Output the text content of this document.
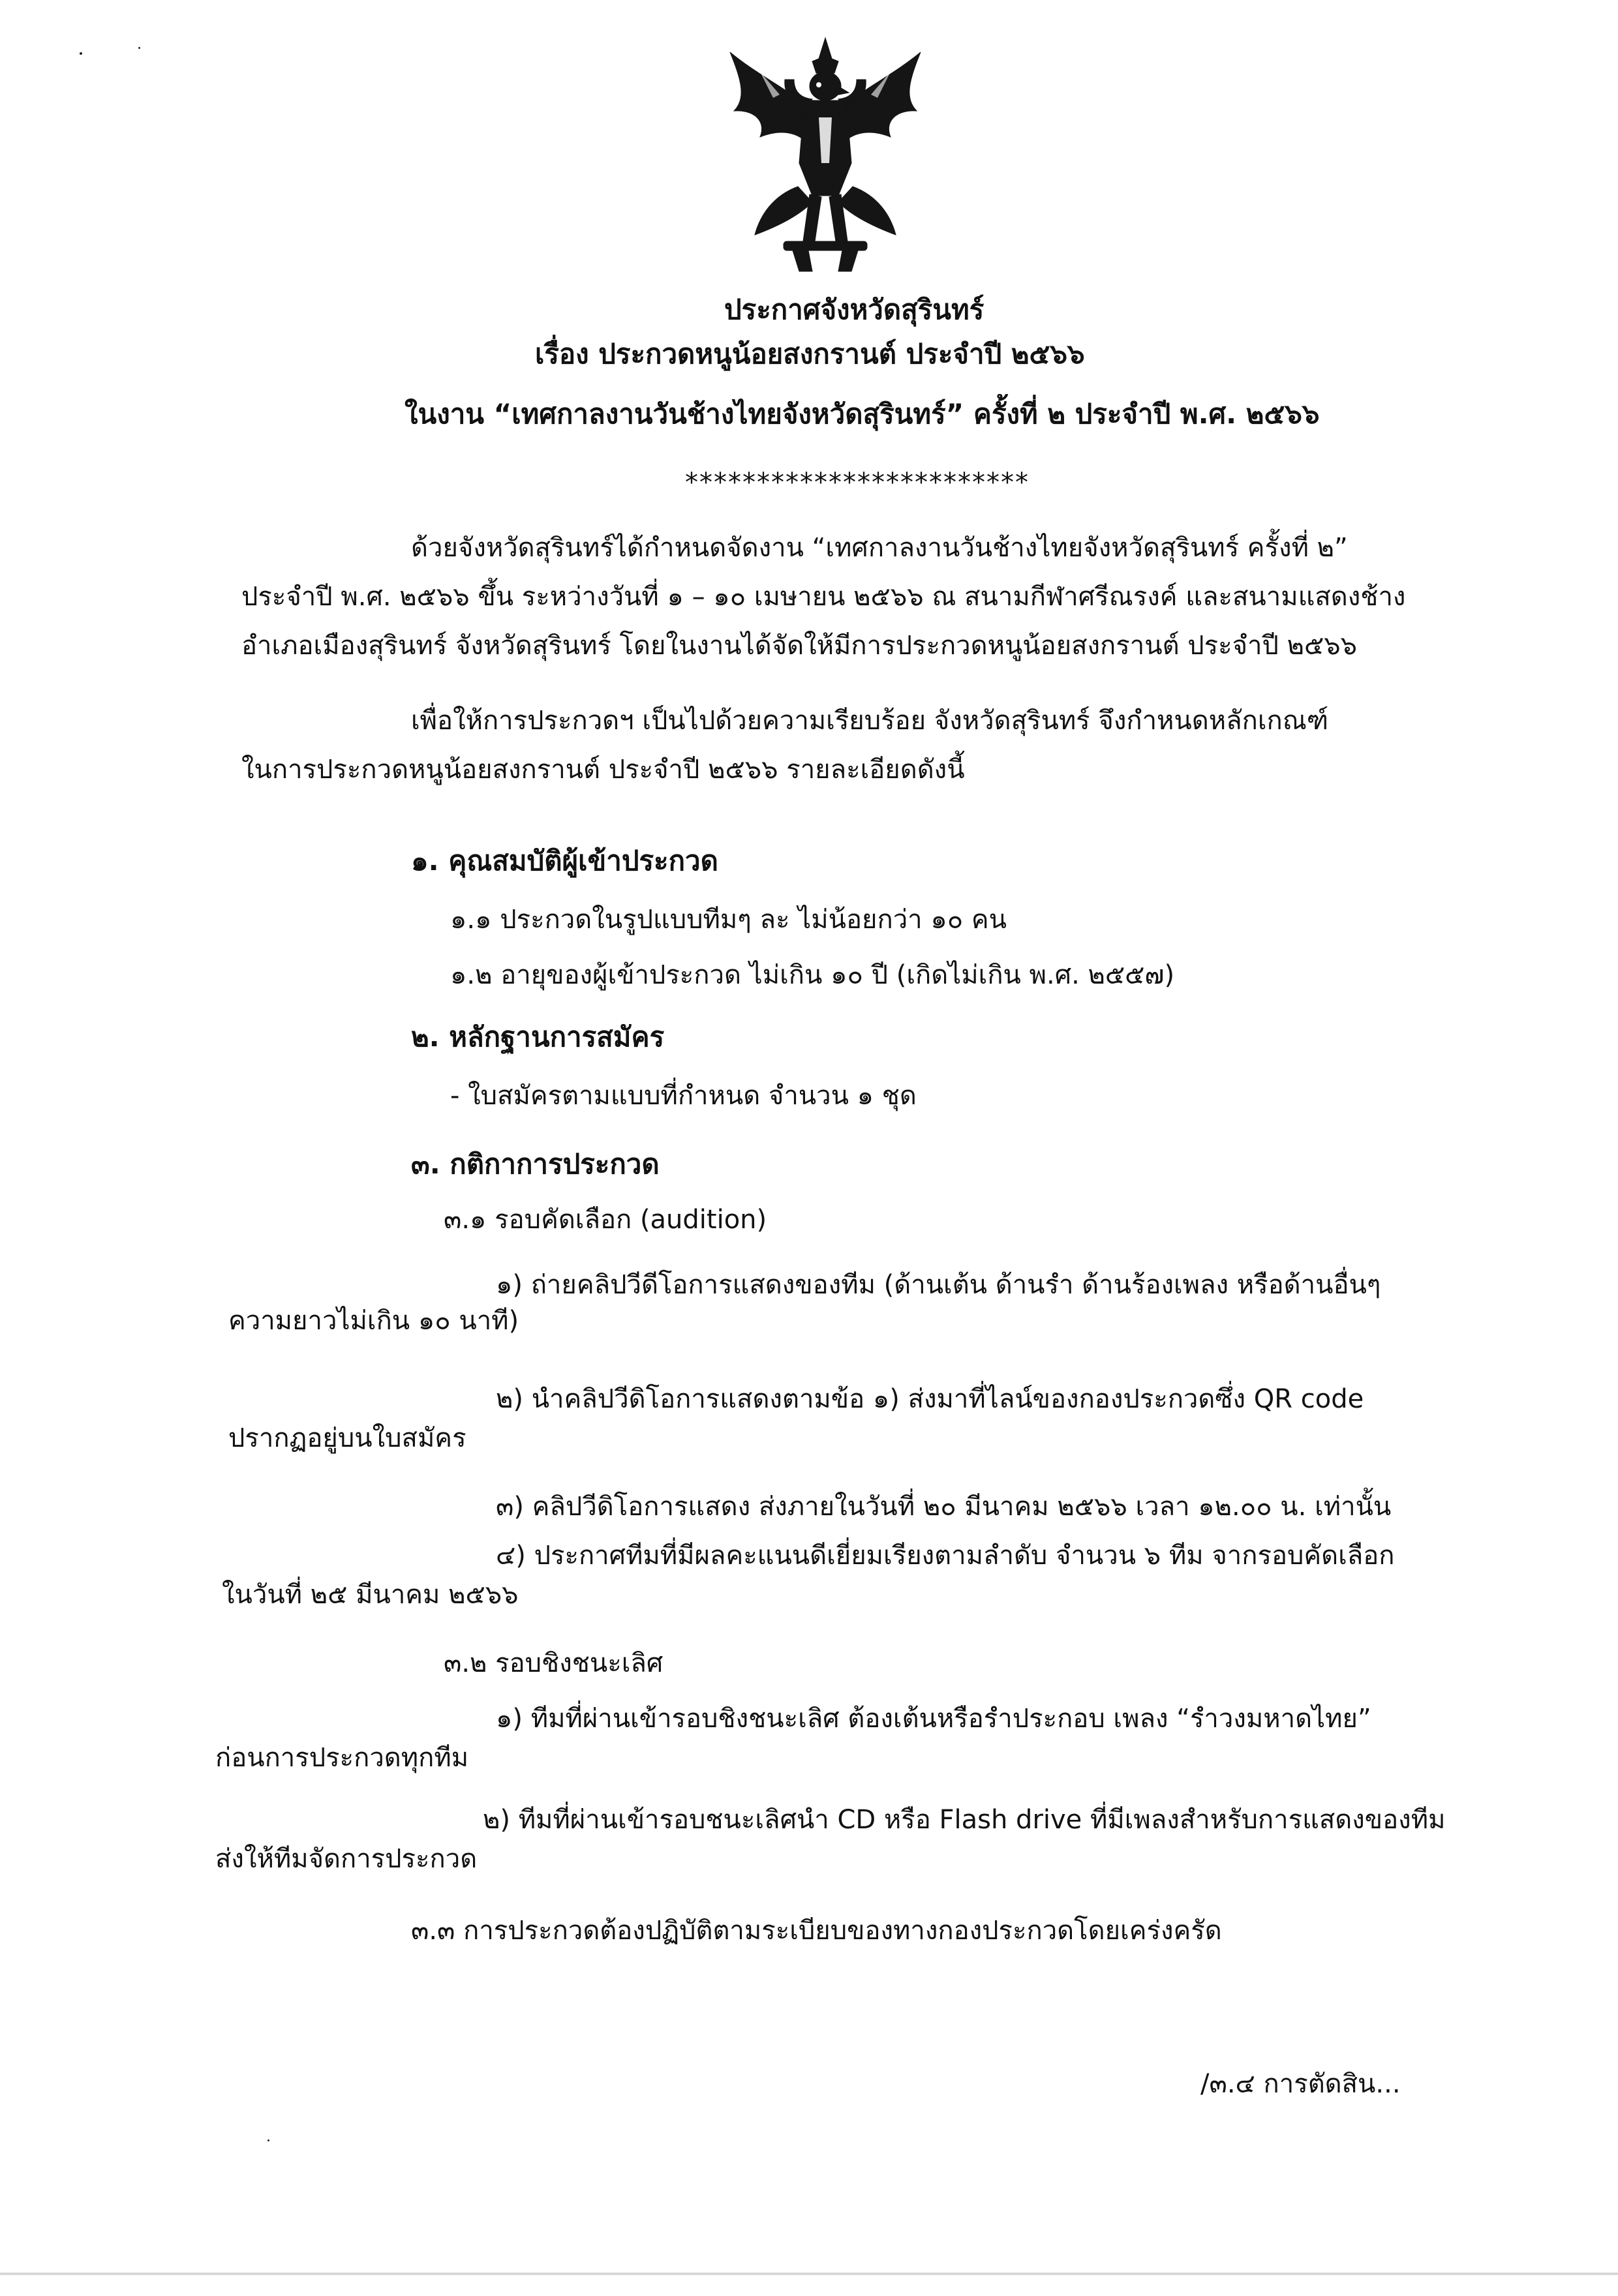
ประกาศจังหวัดสุรินทร์
เรื่อง ประกวดหนูน้อยสงกรานต์ ประจำปี ๒๕๖๖
ในงาน “เทศกาลงานวันช้างไทยจังหวัดสุรินทร์” ครั้งที่ ๒ ประจำปี พ.ศ. ๒๕๖๖
************************
ด้วยจังหวัดสุรินทร์ได้กำหนดจัดงาน “เทศกาลงานวันช้างไทยจังหวัดสุรินทร์ ครั้งที่ ๒”
ประจำปี พ.ศ. ๒๕๖๖ ขึ้น ระหว่างวันที่ ๑ – ๑๐ เมษายน ๒๕๖๖ ณ สนามกีฬาศรีณรงค์ และสนามแสดงช้าง
อำเภอเมืองสุรินทร์ จังหวัดสุรินทร์ โดยในงานได้จัดให้มีการประกวดหนูน้อยสงกรานต์ ประจำปี ๒๕๖๖
เพื่อให้การประกวดฯ เป็นไปด้วยความเรียบร้อย จังหวัดสุรินทร์ จึงกำหนดหลักเกณฑ์
ในการประกวดหนูน้อยสงกรานต์ ประจำปี ๒๕๖๖ รายละเอียดดังนี้
๑. คุณสมบัติผู้เข้าประกวด
๑.๑ ประกวดในรูปแบบทีมๆ ละ ไม่น้อยกว่า ๑๐ คน
๑.๒ อายุของผู้เข้าประกวด ไม่เกิน ๑๐ ปี (เกิดไม่เกิน พ.ศ. ๒๕๕๗)
๒. หลักฐานการสมัคร
- ใบสมัครตามแบบที่กำหนด จำนวน ๑ ชุด
๓. กติกาการประกวด
๓.๑ รอบคัดเลือก (audition)
๑) ถ่ายคลิปวีดีโอการแสดงของทีม (ด้านเต้น ด้านรำ ด้านร้องเพลง หรือด้านอื่นๆ
ความยาวไม่เกิน ๑๐ นาที)
๒) นำคลิปวีดิโอการแสดงตามข้อ ๑) ส่งมาที่ไลน์ของกองประกวดซึ่ง QR code
ปรากฏอยู่บนใบสมัคร
๓) คลิปวีดิโอการแสดง ส่งภายในวันที่ ๒๐ มีนาคม ๒๕๖๖ เวลา ๑๒.๐๐ น. เท่านั้น
๔) ประกาศทีมที่มีผลคะแนนดีเยี่ยมเรียงตามลำดับ จำนวน ๖ ทีม จากรอบคัดเลือก
ในวันที่ ๒๕ มีนาคม ๒๕๖๖
๓.๒ รอบชิงชนะเลิศ
๑) ทีมที่ผ่านเข้ารอบชิงชนะเลิศ ต้องเต้นหรือรำประกอบ เพลง “รำวงมหาดไทย”
ก่อนการประกวดทุกทีม
๒) ทีมที่ผ่านเข้ารอบชนะเลิศนำ CD หรือ Flash drive ที่มีเพลงสำหรับการแสดงของทีม
ส่งให้ทีมจัดการประกวด
๓.๓ การประกวดต้องปฏิบัติตามระเบียบของทางกองประกวดโดยเคร่งครัด
/๓.๔ การตัดสิน...
